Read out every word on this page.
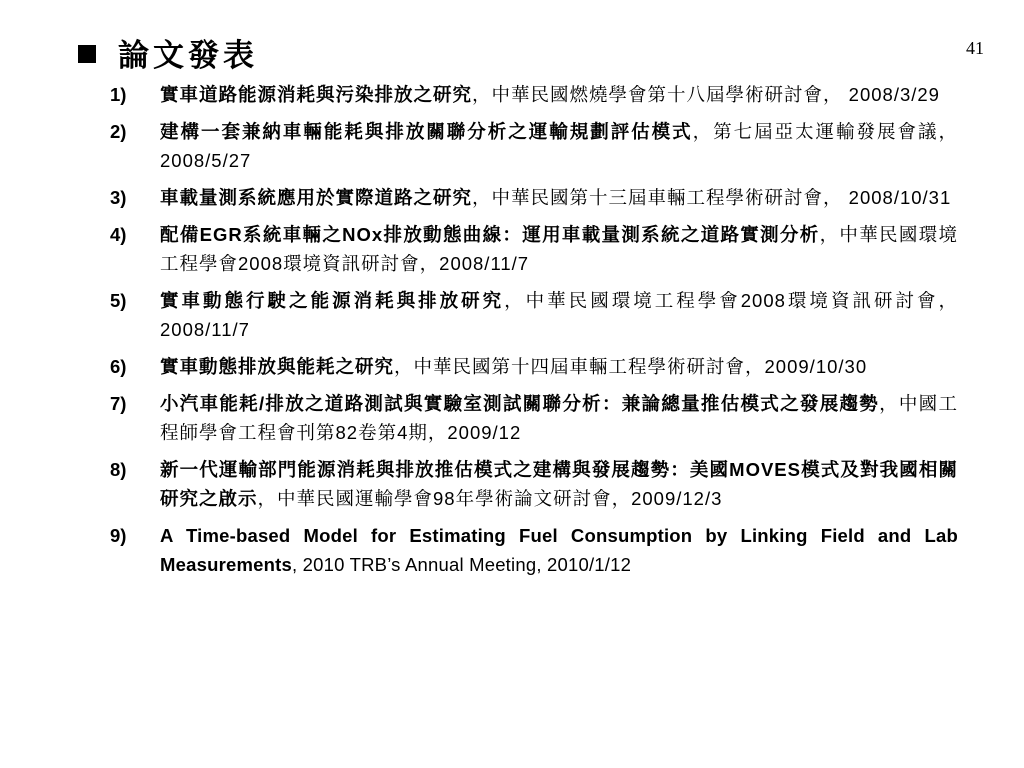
論文發表	41
1)	實車道路能源消耗與污染排放之研究，中華民國燃燒學會第十八屆學術研討會， 2008/3/29
2)	建構一套兼納車輛能耗與排放關聯分析之運輸規劃評估模式，第七屆亞太運輸發展會議， 2008/5/27
3)	車載量測系統應用於實際道路之研究，中華民國第十三屆車輛工程學術研討會， 2008/10/31
4)	配備EGR系統車輛之NOx排放動態曲線：運用車載量測系統之道路實測分析，中華民國環境工程學會2008環境資訊研討會，2008/11/7
5)	實車動態行駛之能源消耗與排放研究，中華民國環境工程學會2008環境資訊研討會，2008/11/7
6)	實車動態排放與能耗之研究，中華民國第十四屆車輛工程學術研討會，2009/10/30
7)	小汽車能耗/排放之道路測試與實驗室測試關聯分析：兼論總量推估模式之發展趨勢，中國工程師學會工程會刊第82卷第4期，2009/12
8)	新一代運輸部門能源消耗與排放推估模式之建構與發展趨勢：美國MOVES模式及對我國相關研究之啟示，中華民國運輸學會98年學術論文研討會，2009/12/3
9)	A Time-based Model for Estimating Fuel Consumption by Linking Field and Lab Measurements, 2010 TRB’s Annual Meeting, 2010/1/12
